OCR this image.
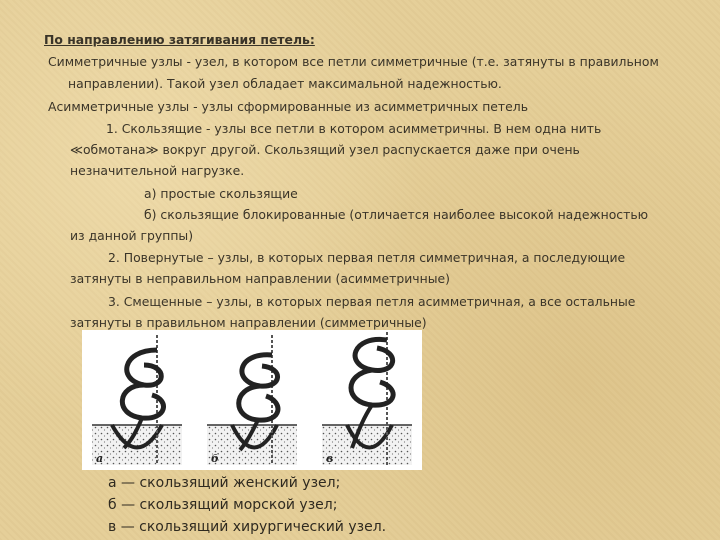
По направлению затягивания петель:
Симметричные узлы - узел, в котором все петли симметричные (т.е. затянуты в правильном
направлении). Такой узел обладает максимальной надежностью.
Асимметричные узлы - узлы сформированные из асимметричных петель
1. Скользящие - узлы все петли в котором асимметричны. В нем одна нить
≪обмотана≫ вокруг другой. Скользящий узел распускается даже при очень
незначительной нагрузке.
а) простые скользящие
б) скользящие блокированные (отличается наиболее высокой надежностью
из данной группы)
2. Повернутые – узлы, в которых первая петля симметричная, а последующие
затянуты в неправильном направлении (асимметричные)
3. Смещенные – узлы, в которых первая петля асимметричная, а все остальные
затянуты в правильном направлении (симметричные)
а	б	в
а — скользящий женский узел;
б — скользящий морской узел;
в — скользящий хирургический узел.
